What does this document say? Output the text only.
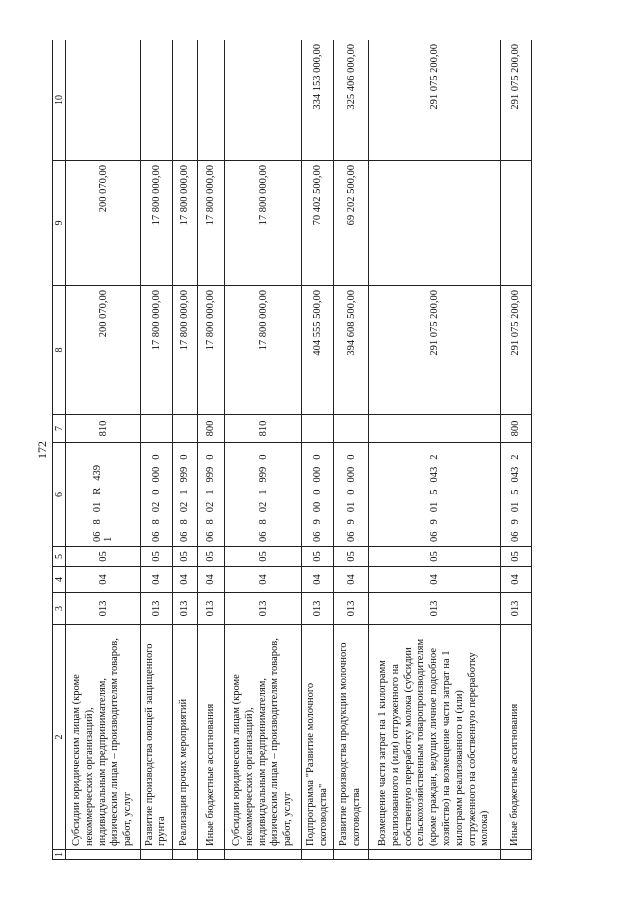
172
1	2	3	4	5	6	7	8	9	10
	Субсидии юридическим лицам (кроме некоммерческих организаций), индивидуальным предпринимателям, физическим лицам – производителям товаров, работ, услуг	013	04	05	06801R4391	810	200 070,00	200 070,00	
	Развитие производства овощей защищенного грунта	013	04	05	0680200000		17 800 000,00	17 800 000,00	
	Реализация прочих мероприятий	013	04	05	0680219990		17 800 000,00	17 800 000,00	
	Иные бюджетные ассигнования	013	04	05	0680219990	800	17 800 000,00	17 800 000,00	
	Субсидии юридическим лицам (кроме некоммерческих организаций), индивидуальным предпринимателям, физическим лицам – производителям товаров, работ, услуг	013	04	05	0680219990	810	17 800 000,00	17 800 000,00	
	Подпрограмма "Развитие молочного скотоводства"	013	04	05	0690000000		404 555 500,00	70 402 500,00	334 153 000,00
	Развитие производства продукции молочного скотоводства	013	04	05	0690100000		394 608 500,00	69 202 500,00	325 406 000,00
	Возмещение части затрат на 1 килограмм реализованного и (или) отгруженного на собственную переработку молока (субсидии сельскохозяйственным товаропроизводителям (кроме граждан, ведущих личное подсобное хозяйство) на возмещение части затрат на 1 килограмм реализованного и (или) отгруженного на собственную переработку молока)	013	04	05	0690150432		291 075 200,00		291 075 200,00
	Иные бюджетные ассигнования	013	04	05	0690150432	800	291 075 200,00		291 075 200,00
